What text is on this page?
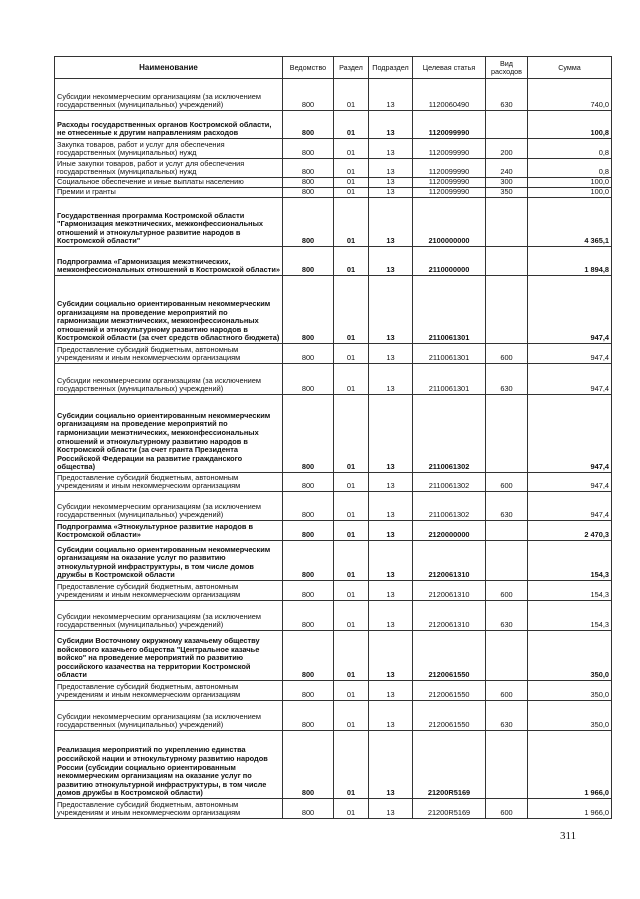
Наименование	Ведомство	Раздел	Подраздел	Целевая статья	Вид расходов	Сумма
Субсидии некоммерческим организациям (за исключением государственных (муниципальных) учреждений)	800	01	13	1120060490	630	740,0
Расходы государственных органов Костромской области, не отнесенные к другим направлениям расходов	800	01	13	1120099990		100,8
Закупка товаров, работ и услуг для обеспечения государственных (муниципальных) нужд	800	01	13	1120099990	200	0,8
Иные закупки товаров, работ и услуг для обеспечения государственных (муниципальных) нужд	800	01	13	1120099990	240	0,8
Социальное обеспечение и иные выплаты населению	800	01	13	1120099990	300	100,0
Премии и гранты	800	01	13	1120099990	350	100,0
Государственная программа Костромской области "Гармонизация межэтнических, межконфессиональных отношений и этнокультурное развитие народов в Костромской области"	800	01	13	2100000000		4 365,1
Подпрограмма «Гармонизация межэтнических, межконфессиональных отношений в Костромской области»	800	01	13	2110000000		1 894,8
Субсидии социально ориентированным некоммерческим организациям на проведение мероприятий по гармонизации межэтнических, межконфессиональных отношений и этнокультурному развитию народов в Костромской области (за счет средств областного бюджета)	800	01	13	2110061301		947,4
Предоставление субсидий бюджетным, автономным учреждениям и иным некоммерческим организациям	800	01	13	2110061301	600	947,4
Субсидии некоммерческим организациям (за исключением государственных (муниципальных) учреждений)	800	01	13	2110061301	630	947,4
Субсидии социально ориентированным некоммерческим организациям на проведение мероприятий по гармонизации межэтнических, межконфессиональных отношений и этнокультурному развитию народов в Костромской области (за счет гранта Президента Российской Федерации на развитие гражданского общества)	800	01	13	2110061302		947,4
Предоставление субсидий бюджетным, автономным учреждениям и иным некоммерческим организациям	800	01	13	2110061302	600	947,4
Субсидии некоммерческим организациям (за исключением государственных (муниципальных) учреждений)	800	01	13	2110061302	630	947,4
Подпрограмма «Этнокультурное развитие народов в Костромской области»	800	01	13	2120000000		2 470,3
Субсидии социально ориентированным некоммерческим организациям на оказание услуг по развитию этнокультурной инфраструктуры, в том числе домов дружбы в Костромской области	800	01	13	2120061310		154,3
Предоставление субсидий бюджетным, автономным учреждениям и иным некоммерческим организациям	800	01	13	2120061310	600	154,3
Субсидии некоммерческим организациям (за исключением государственных (муниципальных) учреждений)	800	01	13	2120061310	630	154,3
Субсидии Восточному окружному казачьему обществу войскового казачьего общества "Центральное казачье войско" на проведение мероприятий по развитию российского казачества на территории Костромской области	800	01	13	2120061550		350,0
Предоставление субсидий бюджетным, автономным учреждениям и иным некоммерческим организациям	800	01	13	2120061550	600	350,0
Субсидии некоммерческим организациям (за исключением государственных (муниципальных) учреждений)	800	01	13	2120061550	630	350,0
Реализация мероприятий по укреплению единства российской нации и этнокультурному развитию народов России (субсидии социально ориентированным некоммерческим организациям на оказание услуг по развитию этнокультурной инфраструктуры, в том числе домов дружбы в Костромской области)	800	01	13	21200R5169		1 966,0
Предоставление субсидий бюджетным, автономным учреждениям и иным некоммерческим организациям	800	01	13	21200R5169	600	1 966,0
311
